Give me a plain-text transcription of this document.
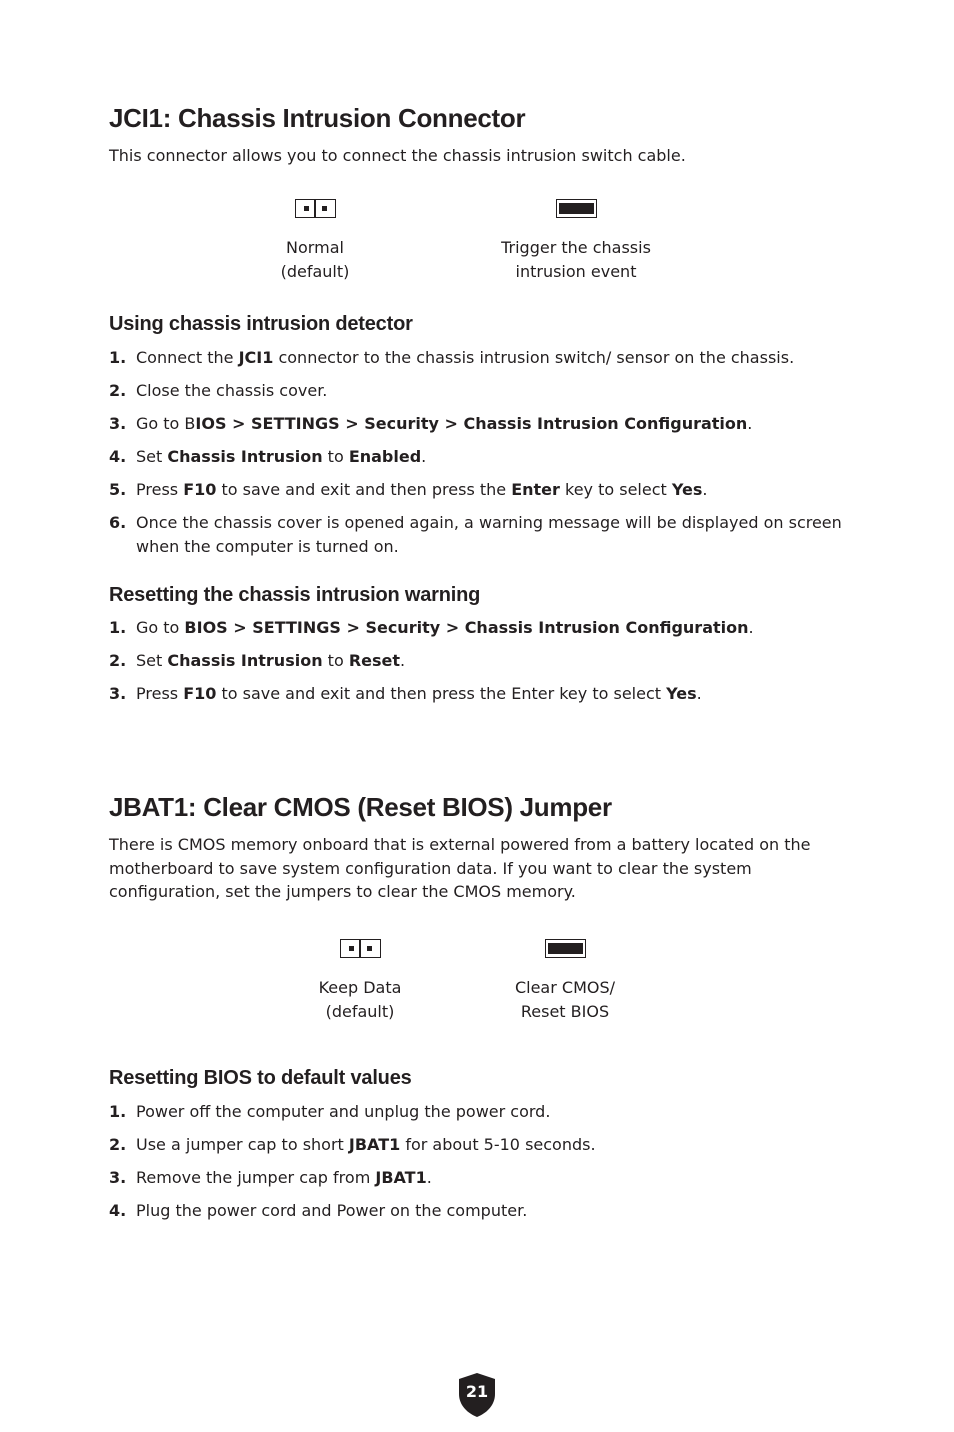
JCI1: Chassis Intrusion Connector

This connector allows you to connect the chassis intrusion switch cable.

Normal
(default)
Trigger the chassis
intrusion event
Using chassis intrusion detector
1. Connect the JCI1 connector to the chassis intrusion switch/ sensor on the chassis.
2. Close the chassis cover.
3. Go to BIOS > SETTINGS > Security > Chassis Intrusion Configuration.
4. Set Chassis Intrusion to Enabled.
5. Press F10 to save and exit and then press the Enter key to select Yes.
6. Once the chassis cover is opened again, a warning message will be displayed on screen when the computer is turned on.
Resetting the chassis intrusion warning
1. Go to BIOS > SETTINGS > Security > Chassis Intrusion Configuration.
2. Set Chassis Intrusion to Reset.
3. Press F10 to save and exit and then press the Enter key to select Yes.
JBAT1: Clear CMOS (Reset BIOS) Jumper

There is CMOS memory onboard that is external powered from a battery located on the motherboard to save system configuration data. If you want to clear the system configuration, set the jumpers to clear the CMOS memory.

Keep Data
(default)
Clear CMOS/
Reset BIOS
Resetting BIOS to default values
1. Power off the computer and unplug the power cord.
2. Use a jumper cap to short JBAT1 for about 5-10 seconds.
3. Remove the jumper cap from JBAT1.
4. Plug the power cord and Power on the computer.
21
